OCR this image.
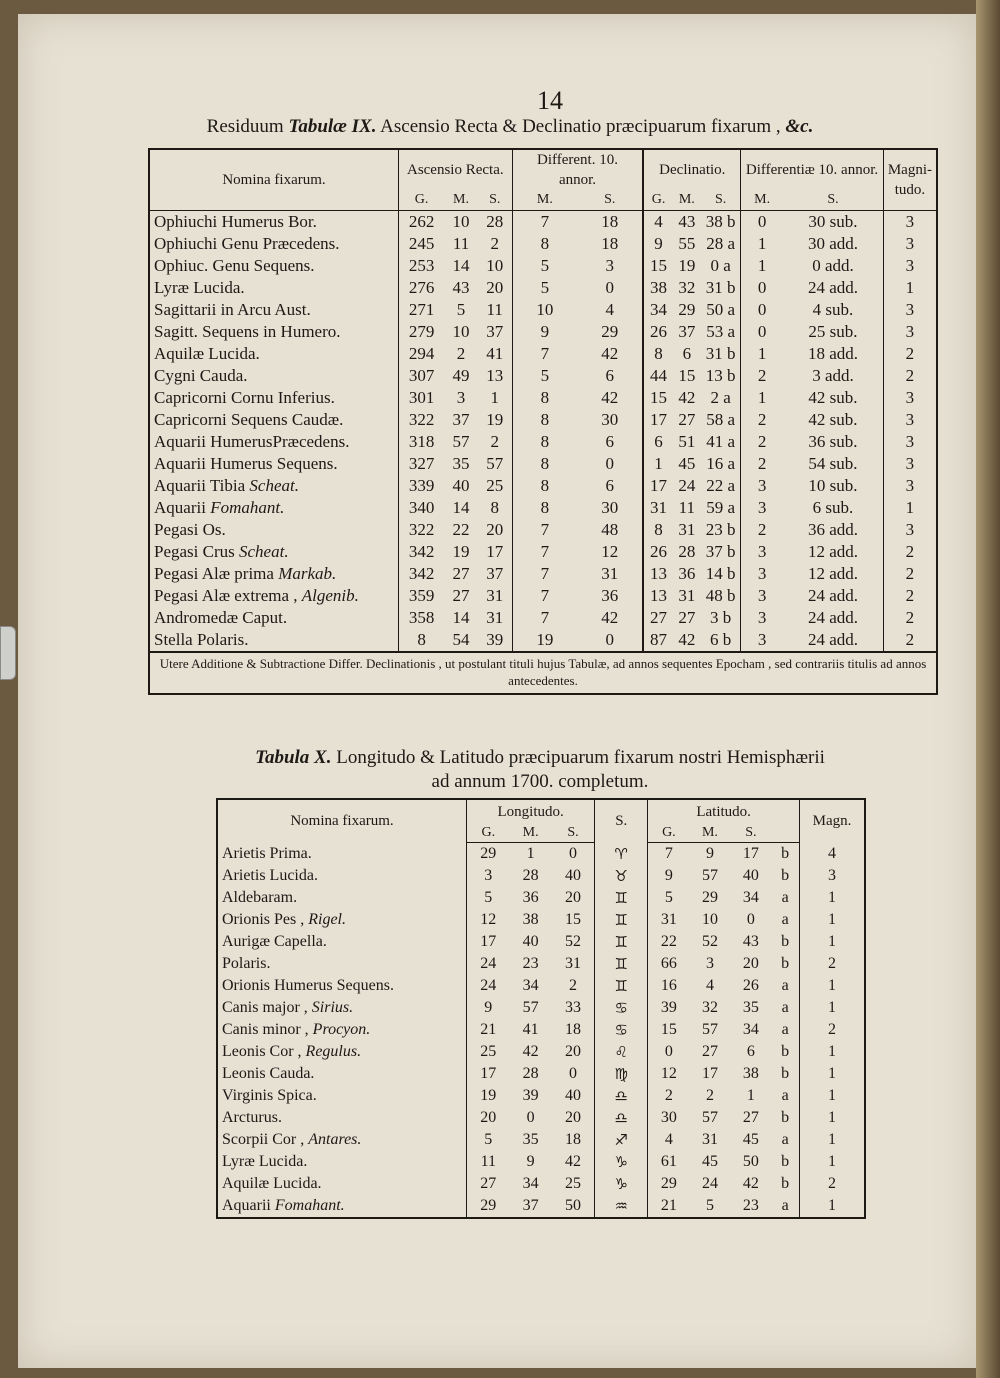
14
Residuum Tabulæ IX. Ascensio Recta & Declinatio præcipuarum fixarum , &c.
Nomina fixarum.	Ascensio Recta.			Different. 10. annor.		Declinatio.			Differentiæ 10. annor.		Magni-tudo.
	G.	M.	S.	M.	S.	G.	M.	S.	M.	S.	
Ophiuchi Humerus Bor.	262	10	28	7	18	4	43	38 b	0	30 sub.	3
Ophiuchi Genu Præcedens.	245	11	2	8	18	9	55	28 a	1	30 add.	3
Ophiuc. Genu Sequens.	253	14	10	5	3	15	19	0 a	1	0 add.	3
Lyræ Lucida.	276	43	20	5	0	38	32	31 b	0	24 add.	1
Sagittarii in Arcu Aust.	271	5	11	10	4	34	29	50 a	0	4 sub.	3
Sagitt. Sequens in Humero.	279	10	37	9	29	26	37	53 a	0	25 sub.	3
Aquilæ Lucida.	294	2	41	7	42	8	6	31 b	1	18 add.	2
Cygni Cauda.	307	49	13	5	6	44	15	13 b	2	3 add.	2
Capricorni Cornu Inferius.	301	3	1	8	42	15	42	2 a	1	42 sub.	3
Capricorni Sequens Caudæ.	322	37	19	8	30	17	27	58 a	2	42 sub.	3
Aquarii HumerusPræcedens.	318	57	2	8	6	6	51	41 a	2	36 sub.	3
Aquarii Humerus Sequens.	327	35	57	8	0	1	45	16 a	2	54 sub.	3
Aquarii Tibia Scheat.	339	40	25	8	6	17	24	22 a	3	10 sub.	3
Aquarii Fomahant.	340	14	8	8	30	31	11	59 a	3	6 sub.	1
Pegasi Os.	322	22	20	7	48	8	31	23 b	2	36 add.	3
Pegasi Crus Scheat.	342	19	17	7	12	26	28	37 b	3	12 add.	2
Pegasi Alæ prima Markab.	342	27	37	7	31	13	36	14 b	3	12 add.	2
Pegasi Alæ extrema , Algenib.	359	27	31	7	36	13	31	48 b	3	24 add.	2
Andromedæ Caput.	358	14	31	7	42	27	27	3 b	3	24 add.	2
Stella Polaris.	8	54	39	19	0	87	42	6 b	3	24 add.	2
Utere Additione & Subtractione Differ. Declinationis , ut postulant tituli hujus Tabulæ, ad annos sequentes Epocham , sed contrariis titulis ad annos antecedentes.											
Tabula X. Longitudo & Latitudo præcipuarum fixarum nostri Hemisphærii
ad annum 1700. completum.
Nomina fixarum.	Longitudo.			S.	Latitudo.				Magn.
	G.	M.	S.		G.	M.	S.		
Arietis Prima.	29	1	0	♈	7	9	17	b	4
Arietis Lucida.	3	28	40	♉	9	57	40	b	3
Aldebaram.	5	36	20	♊	5	29	34	a	1
Orionis Pes , Rigel.	12	38	15	♊	31	10	0	a	1
Aurigæ Capella.	17	40	52	♊	22	52	43	b	1
Polaris.	24	23	31	♊	66	3	20	b	2
Orionis Humerus Sequens.	24	34	2	♊	16	4	26	a	1
Canis major , Sirius.	9	57	33	♋	39	32	35	a	1
Canis minor , Procyon.	21	41	18	♋	15	57	34	a	2
Leonis Cor , Regulus.	25	42	20	♌	0	27	6	b	1
Leonis Cauda.	17	28	0	♍	12	17	38	b	1
Virginis Spica.	19	39	40	♎	2	2	1	a	1
Arcturus.	20	0	20	♎	30	57	27	b	1
Scorpii Cor , Antares.	5	35	18	♐	4	31	45	a	1
Lyræ Lucida.	11	9	42	♑	61	45	50	b	1
Aquilæ Lucida.	27	34	25	♑	29	24	42	b	2
Aquarii Fomahant.	29	37	50	♒	21	5	23	a	1
